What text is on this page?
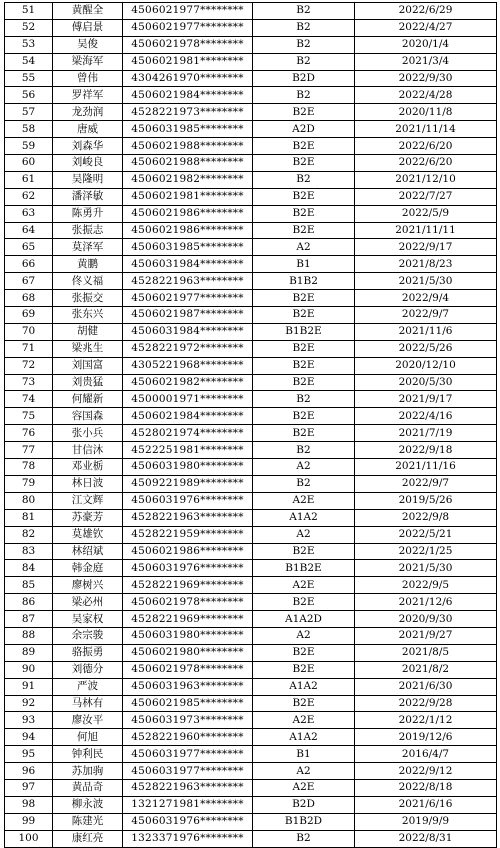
51	黄醒全	4506021977********	B2	2022/6/29
52	傅启景	4506021977********	B2	2022/4/27
53	吴俊	4506021978********	B2	2020/1/4
54	梁海军	4506021981********	B2	2021/3/4
55	曾伟	4304261970********	B2D	2022/9/30
56	罗祥军	4506021984********	B2	2022/4/28
57	龙劲润	4528221973********	B2E	2020/11/8
58	唐威	4506031985********	A2D	2021/11/14
59	刘森华	4506021988********	B2E	2022/6/20
60	刘峻良	4506021988********	B2E	2022/6/20
61	吴隆明	4506021982********	B2	2021/12/10
62	潘泽敏	4506021981********	B2E	2022/7/27
63	陈勇升	4506021986********	B2E	2022/5/9
64	张振志	4506021986********	B2E	2021/11/11
65	莫泽军	4506031985********	A2	2022/9/17
66	黄鹏	4506031984********	B1	2021/8/23
67	佟义福	4528221963********	B1B2	2021/5/30
68	张振交	4506021977********	B2E	2022/9/4
69	张东兴	4506021987********	B2E	2022/9/7
70	胡健	4506031984********	B1B2E	2021/11/6
71	梁兆生	4528221972********	B2E	2022/5/26
72	刘国富	4305221968********	B2E	2020/12/10
73	刘贵猛	4506021982********	B2E	2020/5/30
74	何耀新	4500001971********	B2	2021/9/17
75	容国森	4506021984********	B2E	2022/4/16
76	张小兵	4528021974********	B2E	2021/7/19
77	甘信沐	4522251981********	B2	2022/9/18
78	邓业栃	4506031980********	A2	2021/11/16
79	林日波	4509221989********	B2	2022/9/7
80	江文辉	4506031976********	A2E	2019/5/26
81	苏豪芳	4528221963********	A1A2	2022/9/8
82	莫雄钦	4528221959********	A2	2022/5/21
83	林绍斌	4506021986********	B2E	2022/1/25
84	韩金庭	4506031976********	B1B2E	2021/5/30
85	廖树兴	4528221969********	A2E	2022/9/5
86	梁必州	4506021978********	B2E	2021/12/6
87	吴家权	4528221969********	A1A2D	2020/9/30
88	余宗骏	4506031980********	A2	2021/9/27
89	骆振勇	4506021980********	B2E	2021/8/5
90	刘德分	4506021978********	B2E	2021/8/2
91	严波	4506031963********	A1A2	2021/6/30
92	马林有	4506021985********	B2E	2022/9/28
93	廖汝平	4506031973********	A2E	2022/1/12
94	何旭	4528221960********	A1A2	2019/12/6
95	钟利民	4506031977********	B1	2016/4/7
96	苏加驹	4506031977********	A2	2022/9/12
97	黄品奇	4528221963********	A2E	2022/8/18
98	柳永波	1321271981********	B2D	2021/6/16
99	陈建光	4506031976********	B1B2D	2019/9/9
100	康红亮	1323371976********	B2	2022/8/31
